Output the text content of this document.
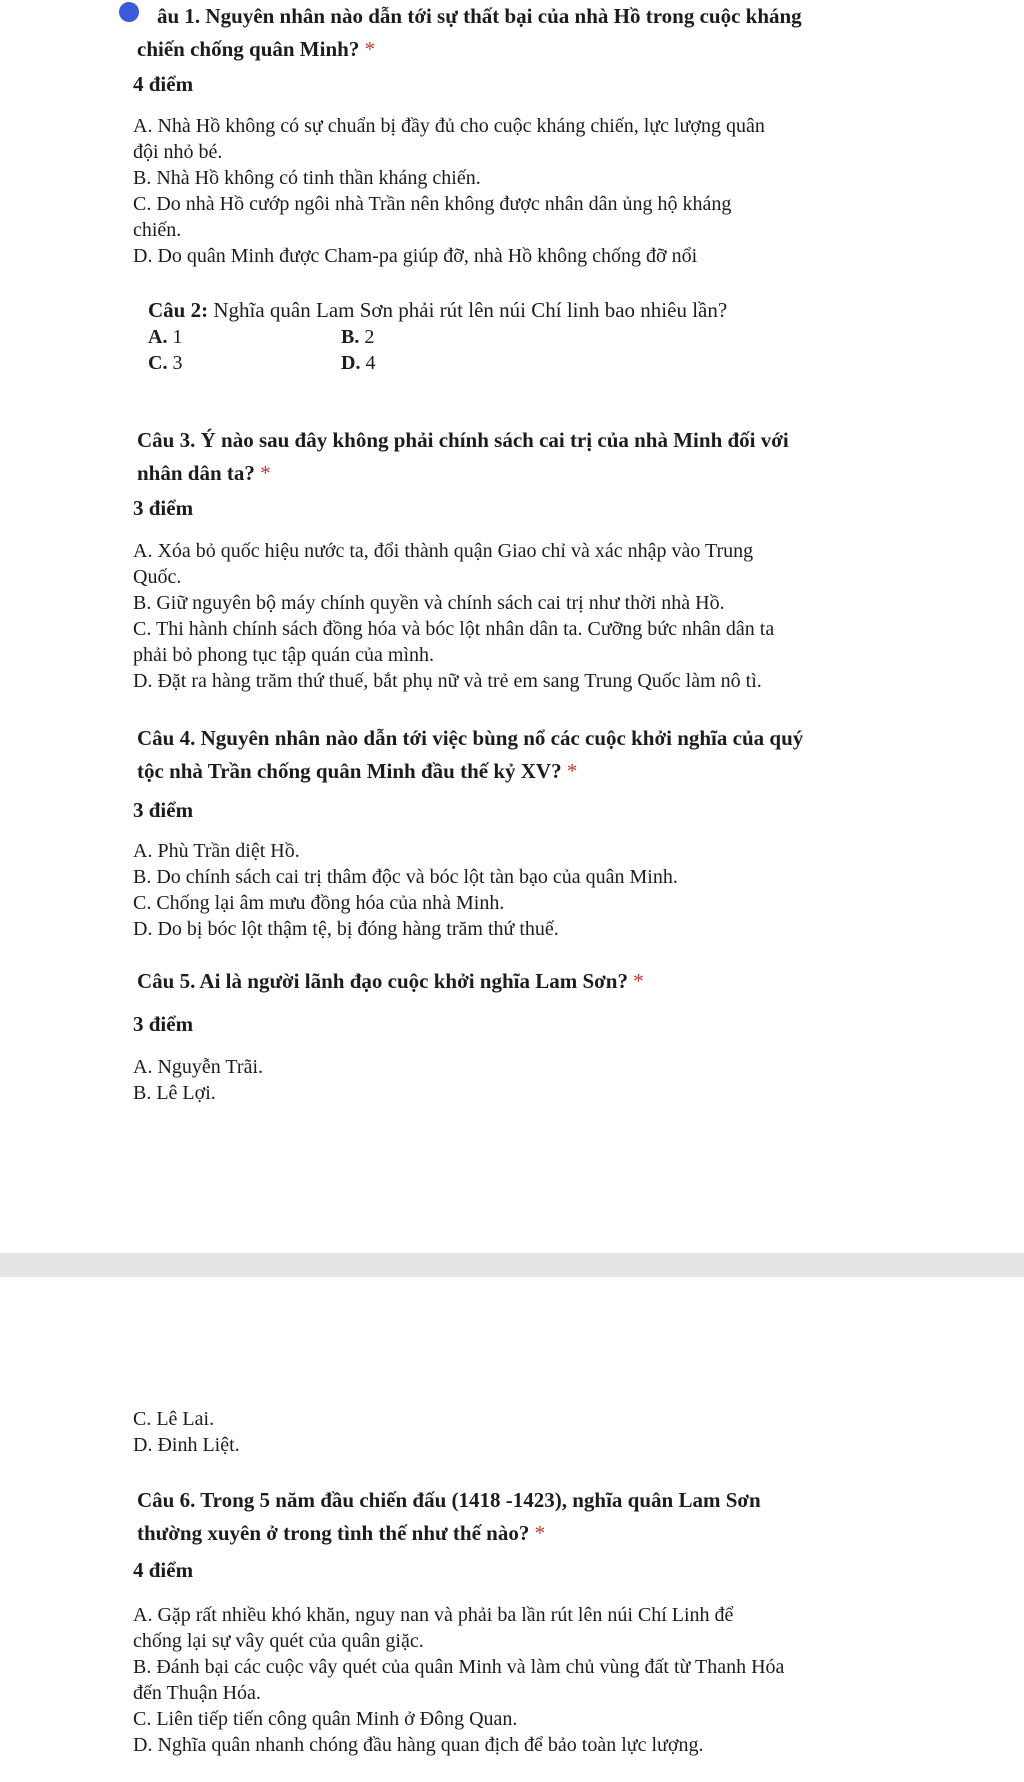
âu 1. Nguyên nhân nào dẫn tới sự thất bại của nhà Hồ trong cuộc kháng
chiến chống quân Minh? *
4 điểm
A. Nhà Hồ không có sự chuẩn bị đầy đủ cho cuộc kháng chiến, lực lượng quân
đội nhỏ bé.
B. Nhà Hồ không có tinh thần kháng chiến.
C. Do nhà Hồ cướp ngôi nhà Trần nên không được nhân dân ủng hộ kháng
chiến.
D. Do quân Minh được Cham-pa giúp đỡ, nhà Hồ không chống đỡ nổi
Câu 2: Nghĩa quân Lam Sơn phải rút lên núi Chí linh bao nhiêu lần?
A. 1	B. 2
C. 3	D. 4
Câu 3. Ý nào sau đây không phải chính sách cai trị của nhà Minh đối với
nhân dân ta? *
3 điểm
A. Xóa bỏ quốc hiệu nước ta, đổi thành quận Giao chỉ và xác nhập vào Trung
Quốc.
B. Giữ nguyên bộ máy chính quyền và chính sách cai trị như thời nhà Hồ.
C. Thi hành chính sách đồng hóa và bóc lột nhân dân ta. Cưỡng bức nhân dân ta
phải bỏ phong tục tập quán của mình.
D. Đặt ra hàng trăm thứ thuế, bắt phụ nữ và trẻ em sang Trung Quốc làm nô tì.
Câu 4. Nguyên nhân nào dẫn tới việc bùng nổ các cuộc khởi nghĩa của quý
tộc nhà Trần chống quân Minh đầu thế kỷ XV? *
3 điểm
A. Phù Trần diệt Hồ.
B. Do chính sách cai trị thâm độc và bóc lột tàn bạo của quân Minh.
C. Chống lại âm mưu đồng hóa của nhà Minh.
D. Do bị bóc lột thậm tệ, bị đóng hàng trăm thứ thuế.
Câu 5. Ai là người lãnh đạo cuộc khởi nghĩa Lam Sơn? *
3 điểm
A. Nguyễn Trãi.
B. Lê Lợi.
C. Lê Lai.
D. Đinh Liệt.
Câu 6. Trong 5 năm đầu chiến đấu (1418 -1423), nghĩa quân Lam Sơn
thường xuyên ở trong tình thế như thế nào? *
4 điểm
A. Gặp rất nhiều khó khăn, nguy nan và phải ba lần rút lên núi Chí Linh để
chống lại sự vây quét của quân giặc.
B. Đánh bại các cuộc vây quét của quân Minh và làm chủ vùng đất từ Thanh Hóa
đến Thuận Hóa.
C. Liên tiếp tiến công quân Minh ở Đông Quan.
D. Nghĩa quân nhanh chóng đầu hàng quan địch để bảo toàn lực lượng.
